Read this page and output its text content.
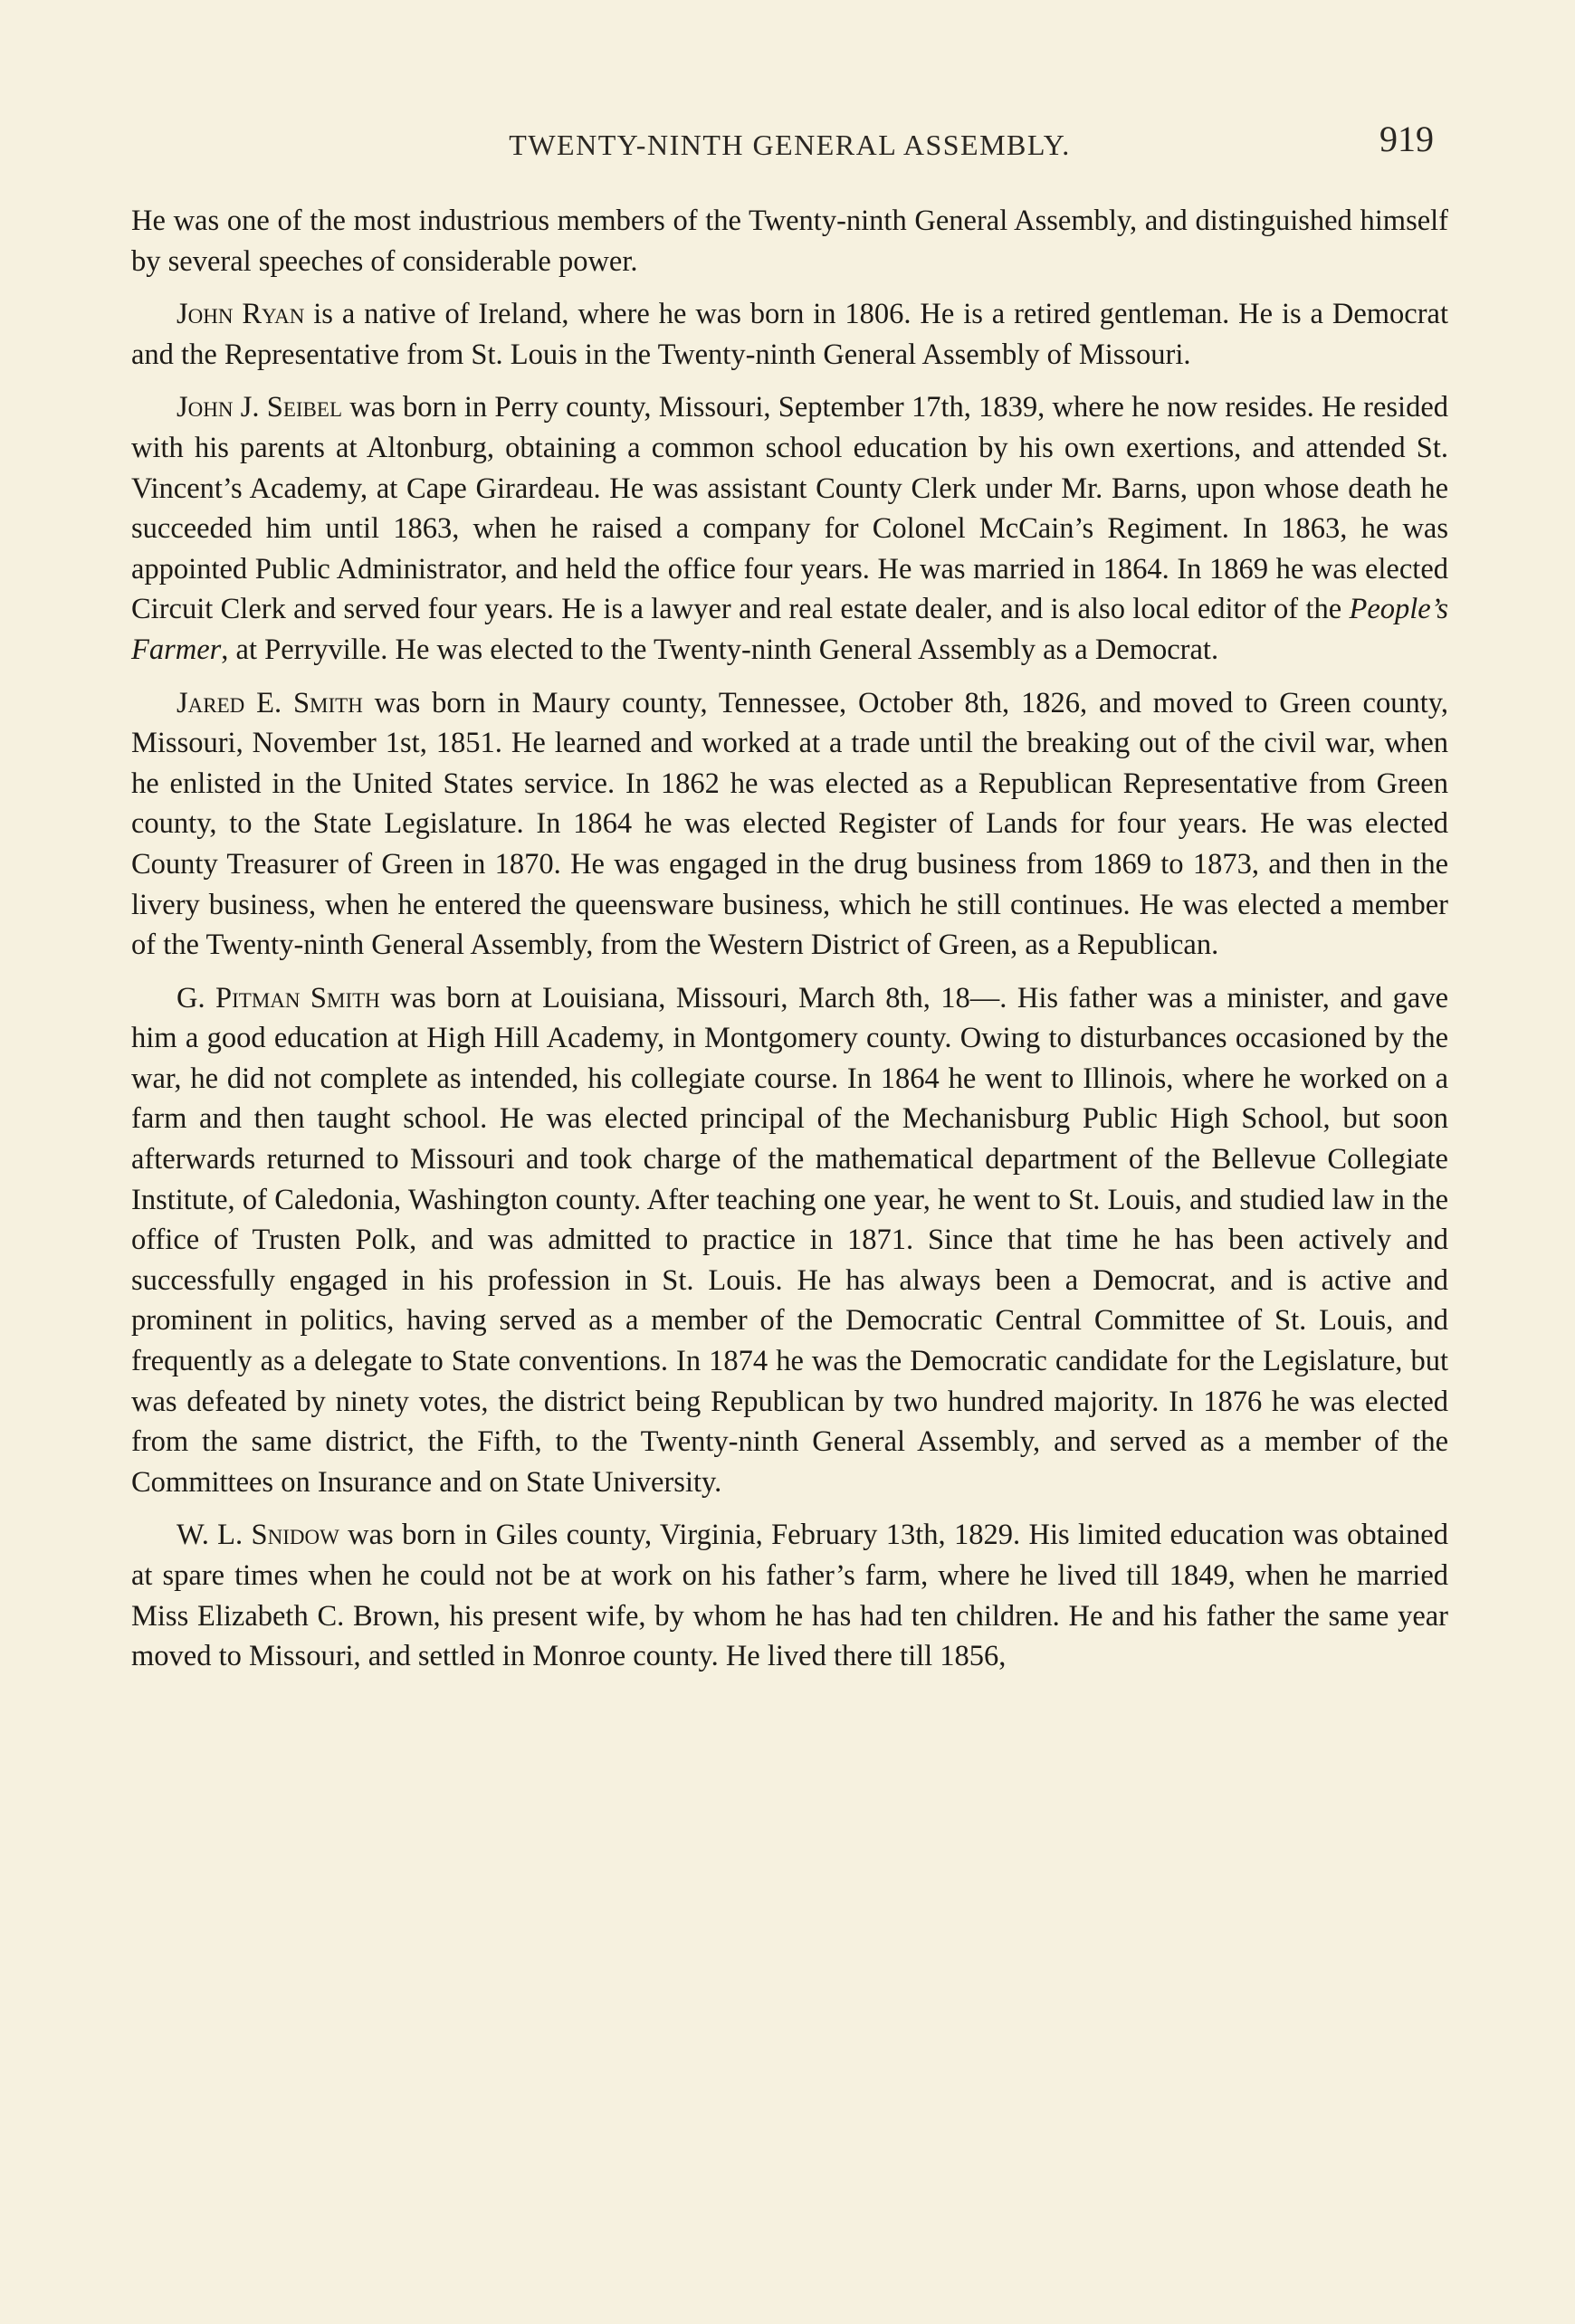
TWENTY-NINTH GENERAL ASSEMBLY.	919

He was one of the most industrious members of the Twenty-ninth General Assembly, and distinguished himself by several speeches of considerable power.

John Ryan is a native of Ireland, where he was born in 1806. He is a retired gentleman. He is a Democrat and the Representative from St. Louis in the Twenty-ninth General Assembly of Missouri.

John J. Seibel was born in Perry county, Missouri, September 17th, 1839, where he now resides. He resided with his parents at Altonburg, obtaining a common school education by his own exertions, and attended St. Vincent’s Academy, at Cape Girardeau. He was assistant County Clerk under Mr. Barns, upon whose death he succeeded him until 1863, when he raised a company for Colonel McCain’s Regiment. In 1863, he was appointed Public Administrator, and held the office four years. He was married in 1864. In 1869 he was elected Circuit Clerk and served four years. He is a lawyer and real estate dealer, and is also local editor of the People’s Farmer, at Perryville. He was elected to the Twenty-ninth General Assembly as a Democrat.

Jared E. Smith was born in Maury county, Tennessee, October 8th, 1826, and moved to Green county, Missouri, November 1st, 1851. He learned and worked at a trade until the breaking out of the civil war, when he enlisted in the United States service. In 1862 he was elected as a Republican Representative from Green county, to the State Legislature. In 1864 he was elected Register of Lands for four years. He was elected County Treasurer of Green in 1870. He was engaged in the drug business from 1869 to 1873, and then in the livery business, when he entered the queensware business, which he still continues. He was elected a member of the Twenty-ninth General Assembly, from the Western District of Green, as a Republican.

G. Pitman Smith was born at Louisiana, Missouri, March 8th, 18—. His father was a minister, and gave him a good education at High Hill Academy, in Montgomery county. Owing to disturbances occasioned by the war, he did not complete as intended, his collegiate course. In 1864 he went to Illinois, where he worked on a farm and then taught school. He was elected principal of the Mechanisburg Public High School, but soon afterwards returned to Missouri and took charge of the mathematical department of the Bellevue Collegiate Institute, of Caledonia, Washington county. After teaching one year, he went to St. Louis, and studied law in the office of Trusten Polk, and was admitted to practice in 1871. Since that time he has been actively and successfully engaged in his profession in St. Louis. He has always been a Democrat, and is active and prominent in politics, having served as a member of the Democratic Central Committee of St. Louis, and frequently as a delegate to State conventions. In 1874 he was the Democratic candidate for the Legislature, but was defeated by ninety votes, the district being Republican by two hundred majority. In 1876 he was elected from the same district, the Fifth, to the Twenty-ninth General Assembly, and served as a member of the Committees on Insurance and on State University.

W. L. Snidow was born in Giles county, Virginia, February 13th, 1829. His limited education was obtained at spare times when he could not be at work on his father’s farm, where he lived till 1849, when he married Miss Elizabeth C. Brown, his present wife, by whom he has had ten children. He and his father the same year moved to Missouri, and settled in Monroe county. He lived there till 1856,
